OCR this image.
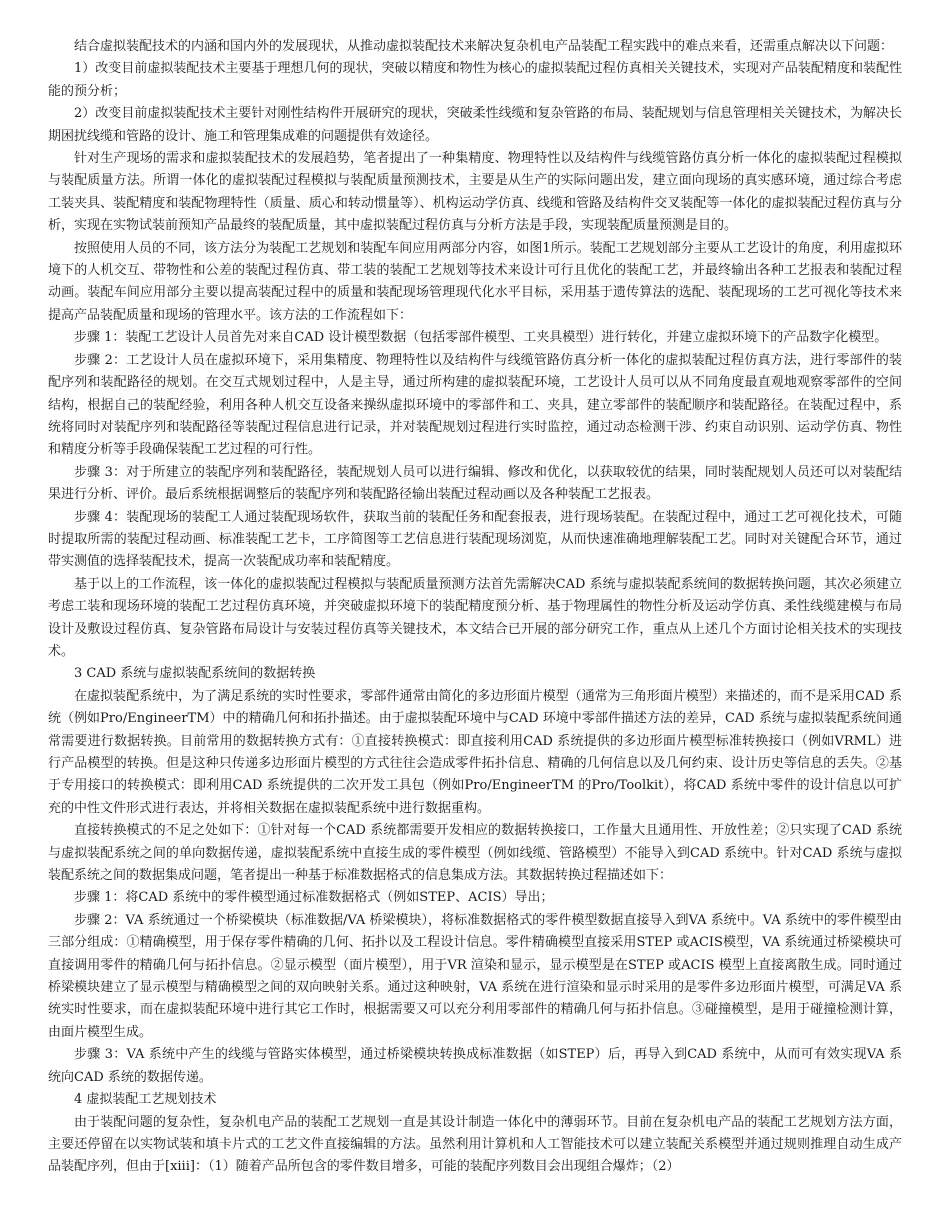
结合虚拟装配技术的内涵和国内外的发展现状，从推动虚拟装配技术来解决复杂机电产品装配工程实践中的难点来看，还需重点解决以下问题：

1）改变目前虚拟装配技术主要基于理想几何的现状，突破以精度和物性为核心的虚拟装配过程仿真相关关键技术，实现对产品装配精度和装配性能的预分析；

2）改变目前虚拟装配技术主要针对刚性结构件开展研究的现状，突破柔性线缆和复杂管路的布局、装配规划与信息管理相关关键技术，为解决长期困扰线缆和管路的设计、施工和管理集成难的问题提供有效途径。

针对生产现场的需求和虚拟装配技术的发展趋势，笔者提出了一种集精度、物理特性以及结构件与线缆管路仿真分析一体化的虚拟装配过程模拟与装配质量方法。所谓一体化的虚拟装配过程模拟与装配质量预测技术，主要是从生产的实际问题出发，建立面向现场的真实感环境，通过综合考虑工装夹具、装配精度和装配物理特性（质量、质心和转动惯量等）、机构运动学仿真、线缆和管路及结构件交叉装配等一体化的虚拟装配过程仿真与分析，实现在实物试装前预知产品最终的装配质量，其中虚拟装配过程仿真与分析方法是手段，实现装配质量预测是目的。

按照使用人员的不同，该方法分为装配工艺规划和装配车间应用两部分内容，如图1所示。装配工艺规划部分主要从工艺设计的角度，利用虚拟环境下的人机交互、带物性和公差的装配过程仿真、带工装的装配工艺规划等技术来设计可行且优化的装配工艺，并最终输出各种工艺报表和装配过程动画。装配车间应用部分主要以提高装配过程中的质量和装配现场管理现代化水平目标，采用基于遗传算法的选配、装配现场的工艺可视化等技术来提高产品装配质量和现场的管理水平。该方法的工作流程如下：

步骤 1：装配工艺设计人员首先对来自CAD 设计模型数据（包括零部件模型、工夹具模型）进行转化，并建立虚拟环境下的产品数字化模型。

步骤 2：工艺设计人员在虚拟环境下，采用集精度、物理特性以及结构件与线缆管路仿真分析一体化的虚拟装配过程仿真方法，进行零部件的装配序列和装配路径的规划。在交互式规划过程中，人是主导，通过所构建的虚拟装配环境，工艺设计人员可以从不同角度最直观地观察零部件的空间结构，根据自己的装配经验，利用各种人机交互设备来操纵虚拟环境中的零部件和工、夹具，建立零部件的装配顺序和装配路径。在装配过程中，系统将同时对装配序列和装配路径等装配过程信息进行记录，并对装配规划过程进行实时监控，通过动态检测干涉、约束自动识别、运动学仿真、物性和精度分析等手段确保装配工艺过程的可行性。

步骤 3：对于所建立的装配序列和装配路径，装配规划人员可以进行编辑、修改和优化，以获取较优的结果，同时装配规划人员还可以对装配结果进行分析、评价。最后系统根据调整后的装配序列和装配路径输出装配过程动画以及各种装配工艺报表。

步骤 4：装配现场的装配工人通过装配现场软件，获取当前的装配任务和配套报表，进行现场装配。在装配过程中，通过工艺可视化技术，可随时提取所需的装配过程动画、标准装配工艺卡，工序简图等工艺信息进行装配现场浏览，从而快速准确地理解装配工艺。同时对关键配合环节，通过带实测值的选择装配技术，提高一次装配成功率和装配精度。

基于以上的工作流程，该一体化的虚拟装配过程模拟与装配质量预测方法首先需解决CAD 系统与虚拟装配系统间的数据转换问题，其次必须建立考虑工装和现场环境的装配工艺过程仿真环境，并突破虚拟环境下的装配精度预分析、基于物理属性的物性分析及运动学仿真、柔性线缆建模与布局设计及敷设过程仿真、复杂管路布局设计与安装过程仿真等关键技术，本文结合已开展的部分研究工作，重点从上述几个方面讨论相关技术的实现技术。

3 CAD 系统与虚拟装配系统间的数据转换

在虚拟装配系统中，为了满足系统的实时性要求，零部件通常由简化的多边形面片模型（通常为三角形面片模型）来描述的，而不是采用CAD 系统（例如Pro/EngineerTM）中的精确几何和拓扑描述。由于虚拟装配环境中与CAD 环境中零部件描述方法的差异，CAD 系统与虚拟装配系统间通常需要进行数据转换。目前常用的数据转换方式有：①直接转换模式：即直接利用CAD 系统提供的多边形面片模型标准转换接口（例如VRML）进行产品模型的转换。但是这种只传递多边形面片模型的方式往往会造成零件拓扑信息、精确的几何信息以及几何约束、设计历史等信息的丢失。②基于专用接口的转换模式：即利用CAD 系统提供的二次开发工具包（例如Pro/EngineerTM 的Pro/Toolkit），将CAD 系统中零件的设计信息以可扩充的中性文件形式进行表达，并将相关数据在虚拟装配系统中进行数据重构。

直接转换模式的不足之处如下：①针对每一个CAD 系统都需要开发相应的数据转换接口，工作量大且通用性、开放性差；②只实现了CAD 系统与虚拟装配系统之间的单向数据传递，虚拟装配系统中直接生成的零件模型（例如线缆、管路模型）不能导入到CAD 系统中。针对CAD 系统与虚拟装配系统之间的数据集成问题，笔者提出一种基于标准数据格式的信息集成方法。其数据转换过程描述如下：

步骤 1：将CAD 系统中的零件模型通过标准数据格式（例如STEP、ACIS）导出；

步骤 2：VA 系统通过一个桥梁模块（标准数据/VA 桥梁模块），将标准数据格式的零件模型数据直接导入到VA 系统中。VA 系统中的零件模型由三部分组成：①精确模型，用于保存零件精确的几何、拓扑以及工程设计信息。零件精确模型直接采用STEP 或ACIS模型，VA 系统通过桥梁模块可直接调用零件的精确几何与拓扑信息。②显示模型（面片模型），用于VR 渲染和显示，显示模型是在STEP 或ACIS 模型上直接离散生成。同时通过桥梁模块建立了显示模型与精确模型之间的双向映射关系。通过这种映射，VA 系统在进行渲染和显示时采用的是零件多边形面片模型，可满足VA 系统实时性要求，而在虚拟装配环境中进行其它工作时，根据需要又可以充分利用零部件的精确几何与拓扑信息。③碰撞模型，是用于碰撞检测计算，由面片模型生成。

步骤 3：VA 系统中产生的线缆与管路实体模型，通过桥梁模块转换成标准数据（如STEP）后，再导入到CAD 系统中，从而可有效实现VA 系统向CAD 系统的数据传递。

4 虚拟装配工艺规划技术

由于装配问题的复杂性，复杂机电产品的装配工艺规划一直是其设计制造一体化中的薄弱环节。目前在复杂机电产品的装配工艺规划方法方面，主要还停留在以实物试装和填卡片式的工艺文件直接编辑的方法。虽然利用计算机和人工智能技术可以建立装配关系模型并通过规则推理自动生成产品装配序列，但由于[xiii]：（1）随着产品所包含的零件数目增多，可能的装配序列数目会出现组合爆炸；（2）
